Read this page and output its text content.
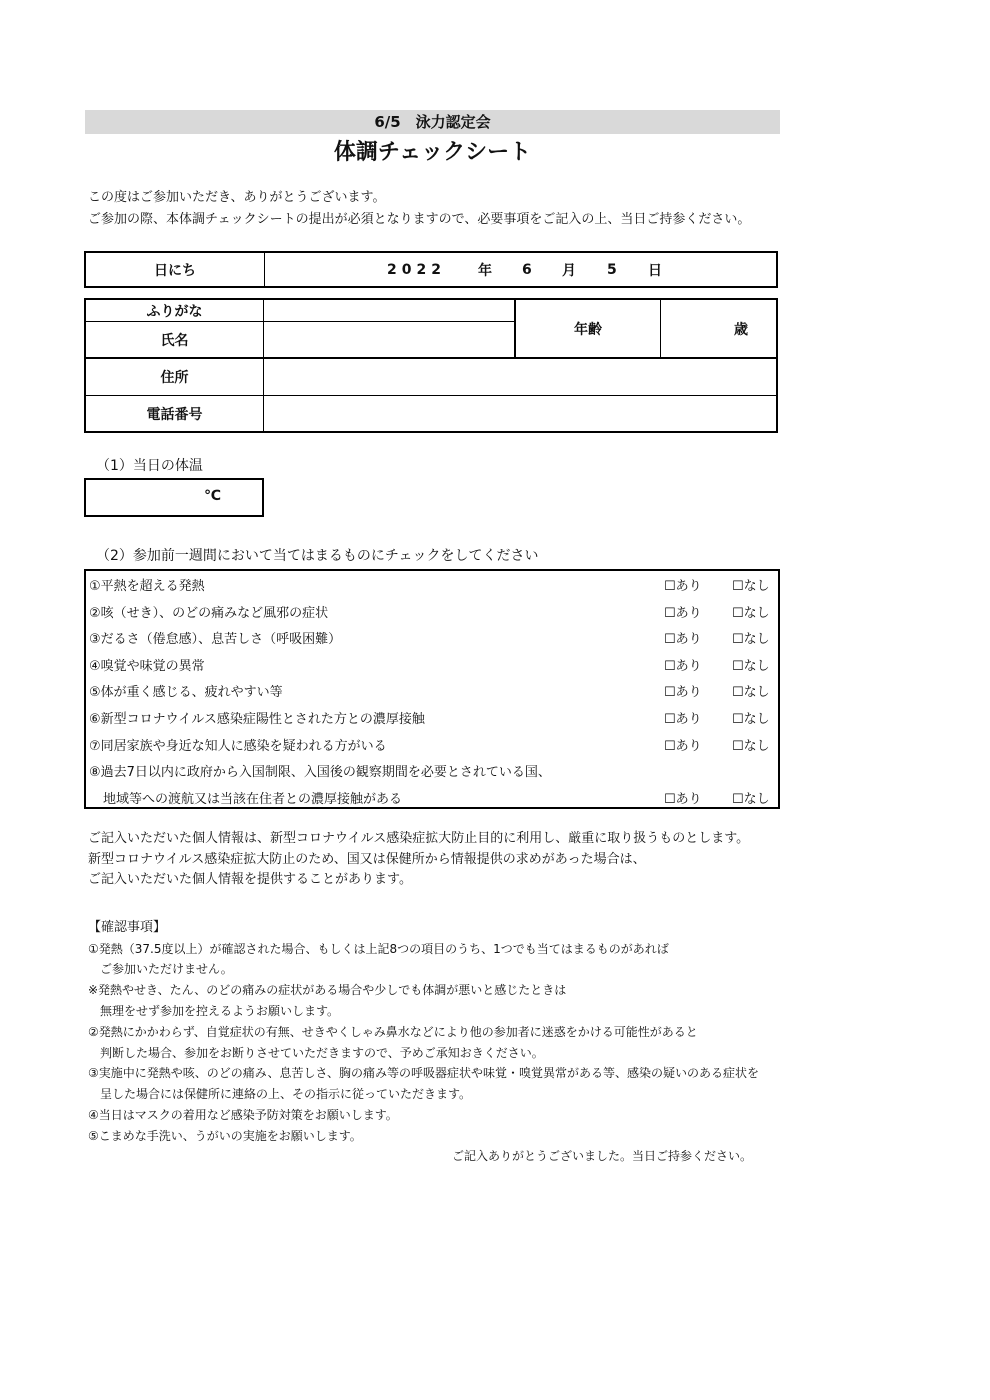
6/5　泳力認定会
体調チェックシート
この度はご参加いただき、ありがとうございます。
ご参加の際、本体調チェックシートの提出が必須となりますので、必要事項をご記入の上、当日ご持参ください。
日にち	2022 年 6 月 5 日
ふりがな
氏名
年齢	歳
住所
電話番号
（1）当日の体温
℃
（2）参加前一週間において当てはまるものにチェックをしてください
①平熱を超える発熱	☐あり ☐なし
②咳（せき）、のどの痛みなど風邪の症状	☐あり ☐なし
③だるさ（倦怠感）、息苦しさ（呼吸困難）	☐あり ☐なし
④嗅覚や味覚の異常	☐あり ☐なし
⑤体が重く感じる、疲れやすい等	☐あり ☐なし
⑥新型コロナウイルス感染症陽性とされた方との濃厚接触	☐あり ☐なし
⑦同居家族や身近な知人に感染を疑われる方がいる	☐あり ☐なし
⑧過去7日以内に政府から入国制限、入国後の観察期間を必要とされている国、
地域等への渡航又は当該在住者との濃厚接触がある	☐あり ☐なし
ご記入いただいた個人情報は、新型コロナウイルス感染症拡大防止目的に利用し、厳重に取り扱うものとします。
新型コロナウイルス感染症拡大防止のため、国又は保健所から情報提供の求めがあった場合は、
ご記入いただいた個人情報を提供することがあります。
【確認事項】
①発熱（37.5度以上）が確認された場合、もしくは上記8つの項目のうち、1つでも当てはまるものがあれば
ご参加いただけません。
※発熱やせき、たん、のどの痛みの症状がある場合や少しでも体調が悪いと感じたときは
無理をせず参加を控えるようお願いします。
②発熱にかかわらず、自覚症状の有無、せきやくしゃみ鼻水などにより他の参加者に迷惑をかける可能性があると
判断した場合、参加をお断りさせていただきますので、予めご承知おきください。
③実施中に発熱や咳、のどの痛み、息苦しさ、胸の痛み等の呼吸器症状や味覚・嗅覚異常がある等、感染の疑いのある症状を
呈した場合には保健所に連絡の上、その指示に従っていただきます。
④当日はマスクの着用など感染予防対策をお願いします。
⑤こまめな手洗い、うがいの実施をお願いします。
ご記入ありがとうございました。当日ご持参ください。
